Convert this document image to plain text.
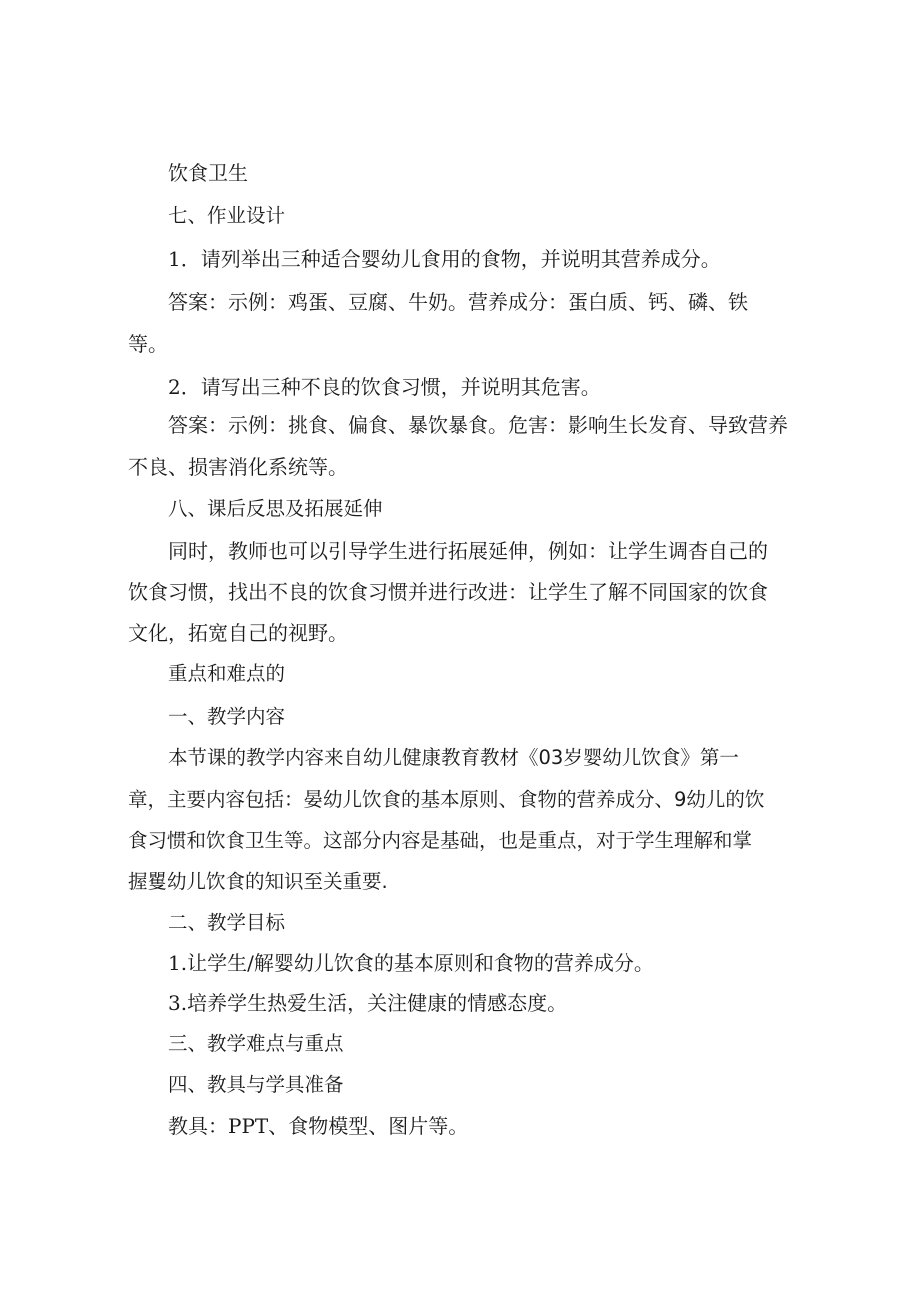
饮食卫生
七、作业设计
1．请列举出三种适合婴幼儿食用的食物，并说明其营养成分。
答案：示例：鸡蛋、豆腐、牛奶。营养成分：蛋白质、钙、磷、铁
等。
2．请写出三种不良的饮食习惯，并说明其危害。
答案：示例：挑食、偏食、暴饮暴食。危害：影响生长发育、导致营养
不良、损害消化系统等。
八、课后反思及拓展延伸
同时，教师也可以引导学生进行拓展延伸，例如：让学生调杳自己的
饮食习惯，找出不良的饮食习惯并进行改进：让学生了解不同国家的饮食
文化，拓宽自己的视野。
重点和难点的
一、教学内容
本节课的教学内容来自幼儿健康教育教材《03岁婴幼儿饮食》第一
章，主要内容包括：晏幼儿饮食的基本原则、食物的营养成分、9幼儿的饮
食习惯和饮食卫生等。这部分内容是基础，也是重点，对于学生理解和掌
握矍幼儿饮食的知识至关重要.
二、教学目标
1.让学生/解婴幼儿饮食的基本原则和食物的营养成分。
3.培养学生热爱生活，关注健康的情感态度。
三、教学难点与重点
四、教具与学具准备
教具：PPT、食物模型、图片等。
